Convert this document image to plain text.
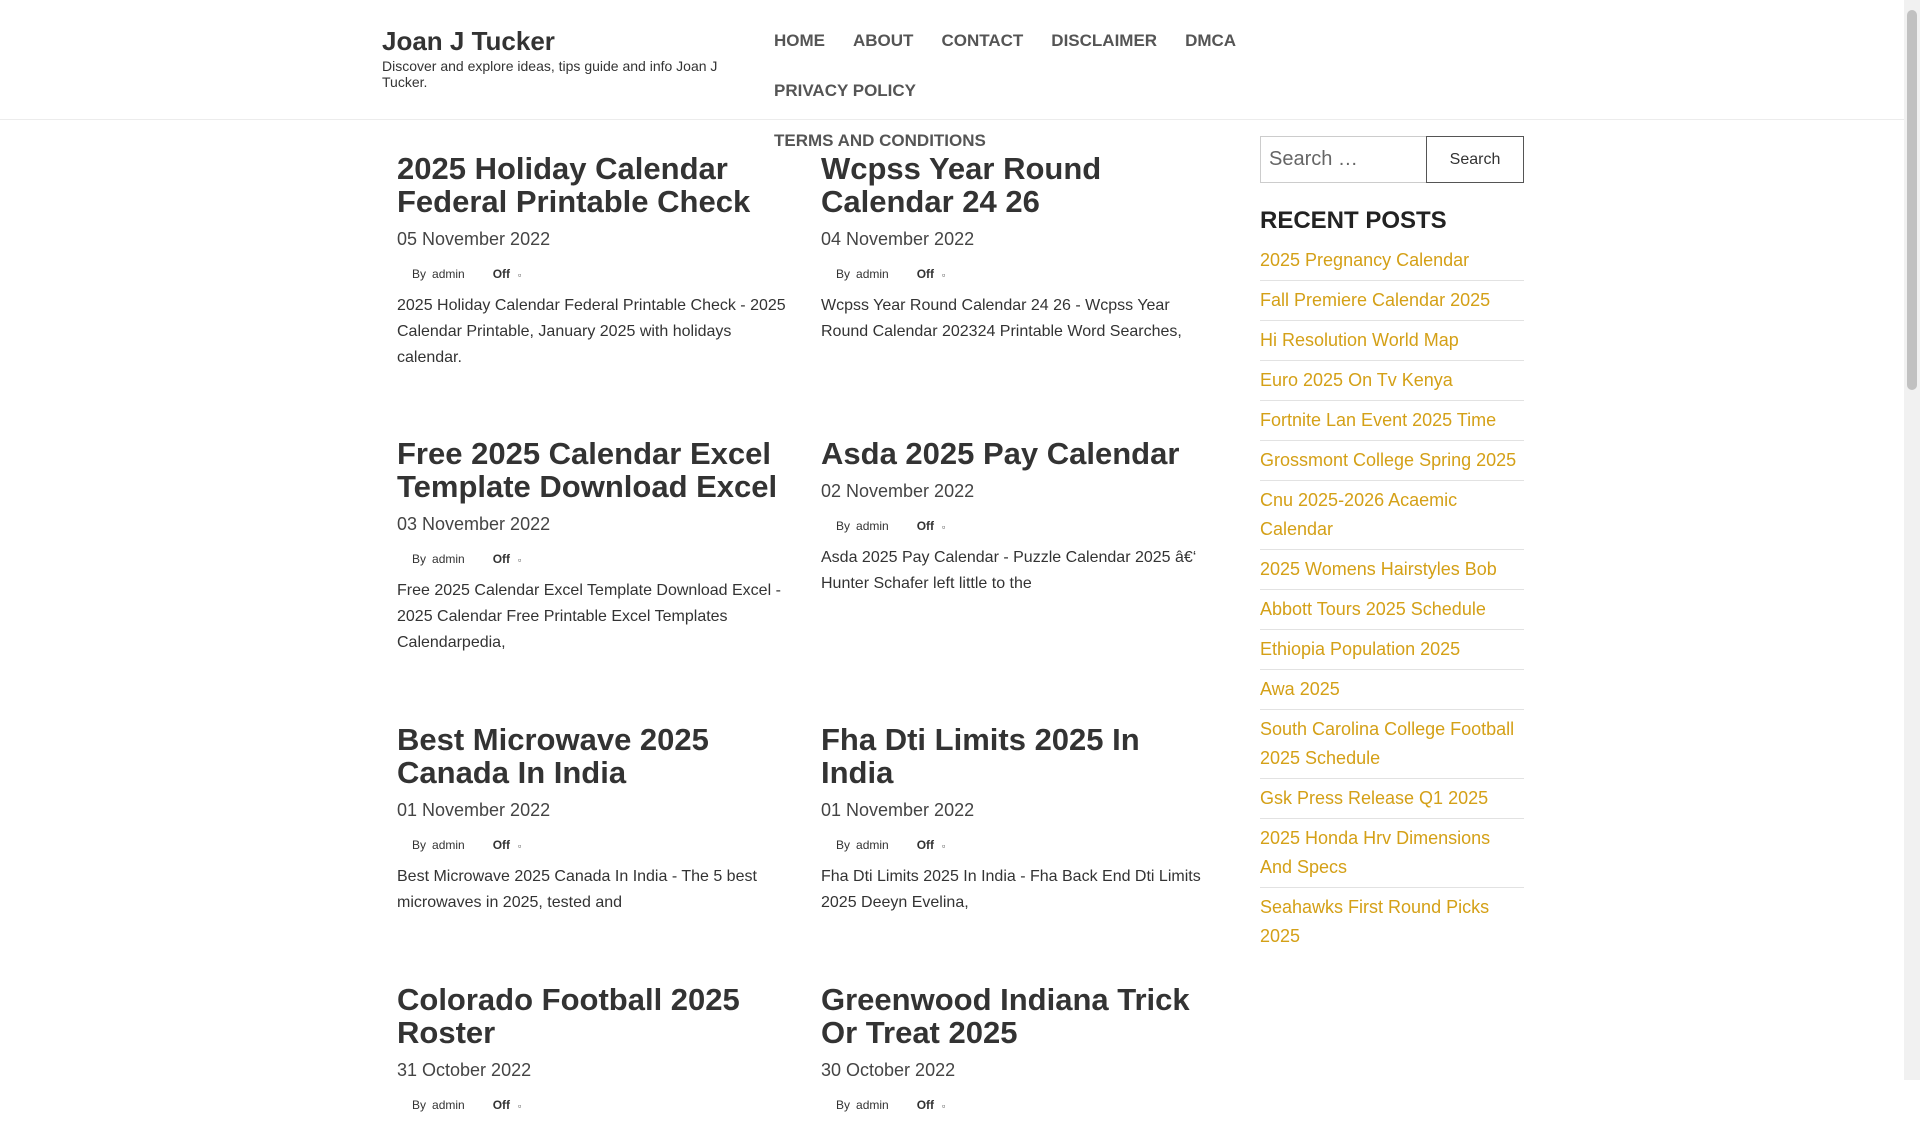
Joan J Tucker
Discover and explore ideas, tips guide and info Joan J Tucker.
HOME ABOUT CONTACT DISCLAIMER DMCAPRIVACY POLICY
TERMS AND CONDITIONS
2025 Holiday Calendar Federal Printable Check
05 November 2022
By admin Off ▫
2025 Holiday Calendar Federal Printable Check - 2025 Calendar Printable, January 2025 with holidays calendar.
Wcpss Year Round Calendar 24 26
04 November 2022
By admin Off ▫
Wcpss Year Round Calendar 24 26 - Wcpss Year Round Calendar 202324 Printable Word Searches,
Free 2025 Calendar Excel Template Download Excel
03 November 2022
By admin Off ▫
Free 2025 Calendar Excel Template Download Excel - 2025 Calendar Free Printable Excel Templates Calendarpedia,
Asda 2025 Pay Calendar
02 November 2022
By admin Off ▫
Asda 2025 Pay Calendar - Puzzle Calendar 2025 â€‘ Hunter Schafer left little to the
Best Microwave 2025 Canada In India
01 November 2022
By admin Off ▫
Best Microwave 2025 Canada In India - The 5 best microwaves in 2025, tested and
Fha Dti Limits 2025 In India
01 November 2022
By admin Off ▫
Fha Dti Limits 2025 In India - Fha Back End Dti Limits 2025 Deeyn Evelina,
Colorado Football 2025 Roster
31 October 2022
By admin Off ▫
Greenwood Indiana Trick Or Treat 2025
30 October 2022
By admin Off ▫
Search …
Search
RECENT POSTS
2025 Pregnancy Calendar
Fall Premiere Calendar 2025
Hi Resolution World Map
Euro 2025 On Tv Kenya
Fortnite Lan Event 2025 Time
Grossmont College Spring 2025
Cnu 2025-2026 Acaemic Calendar
2025 Womens Hairstyles Bob
Abbott Tours 2025 Schedule
Ethiopia Population 2025
Awa 2025
South Carolina College Football 2025 Schedule
Gsk Press Release Q1 2025
2025 Honda Hrv Dimensions And Specs
Seahawks First Round Picks 2025
